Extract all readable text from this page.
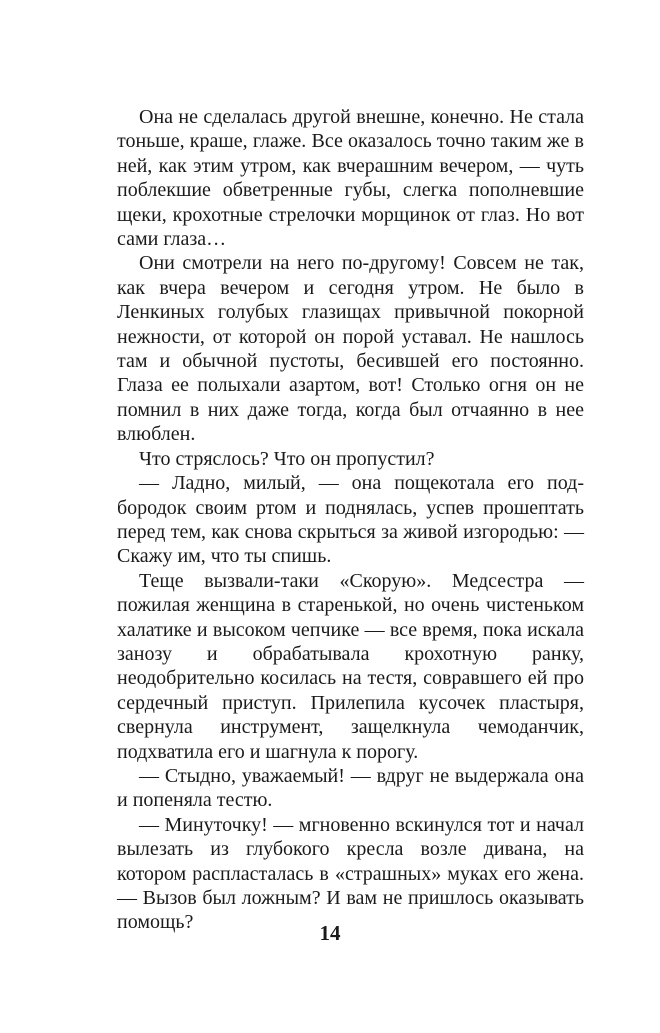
Она не сделалась другой внешне, конечно. Не стала тоньше, краше, глаже. Все оказалось точно таким же в ней, как этим утром, как вчерашним вечером, — чуть поблекшие обветренные губы, слегка пополневшие щеки, крохотные стрелочки морщинок от глаз. Но вот сами глаза…

Они смотрели на него по-другому! Совсем не так, как вчера вечером и сегодня утром. Не было в Ленкиных голубых глазищах привычной покорной нежности, от которой он порой уставал. Не нашлось там и обычной пустоты, бесившей его постоянно. Глаза ее полыхали азартом, вот! Столько огня он не помнил в них даже тогда, когда был отчаянно в нее влюблен.

Что стряслось? Что он пропустил?

— Ладно, милый, — она пощекотала его подбородок своим ртом и поднялась, успев прошептать перед тем, как снова скрыться за живой изгородью: — Скажу им, что ты спишь.

Теще вызвали-таки «Скорую». Медсестра — пожилая женщина в старенькой, но очень чистеньком халатике и высоком чепчике — все время, пока искала занозу и обрабатывала крохотную ранку, неодобрительно косилась на тестя, совравшего ей про сердечный приступ. Прилепила кусочек пластыря, свернула инструмент, защелкнула чемоданчик, подхватила его и шагнула к порогу.

— Стыдно, уважаемый! — вдруг не выдержала она и попеняла тестю.

— Минуточку! — мгновенно вскинулся тот и начал вылезать из глубокого кресла возле дивана, на котором распласталась в «страшных» муках его жена. — Вызов был ложным? И вам не пришлось оказывать помощь?	14
